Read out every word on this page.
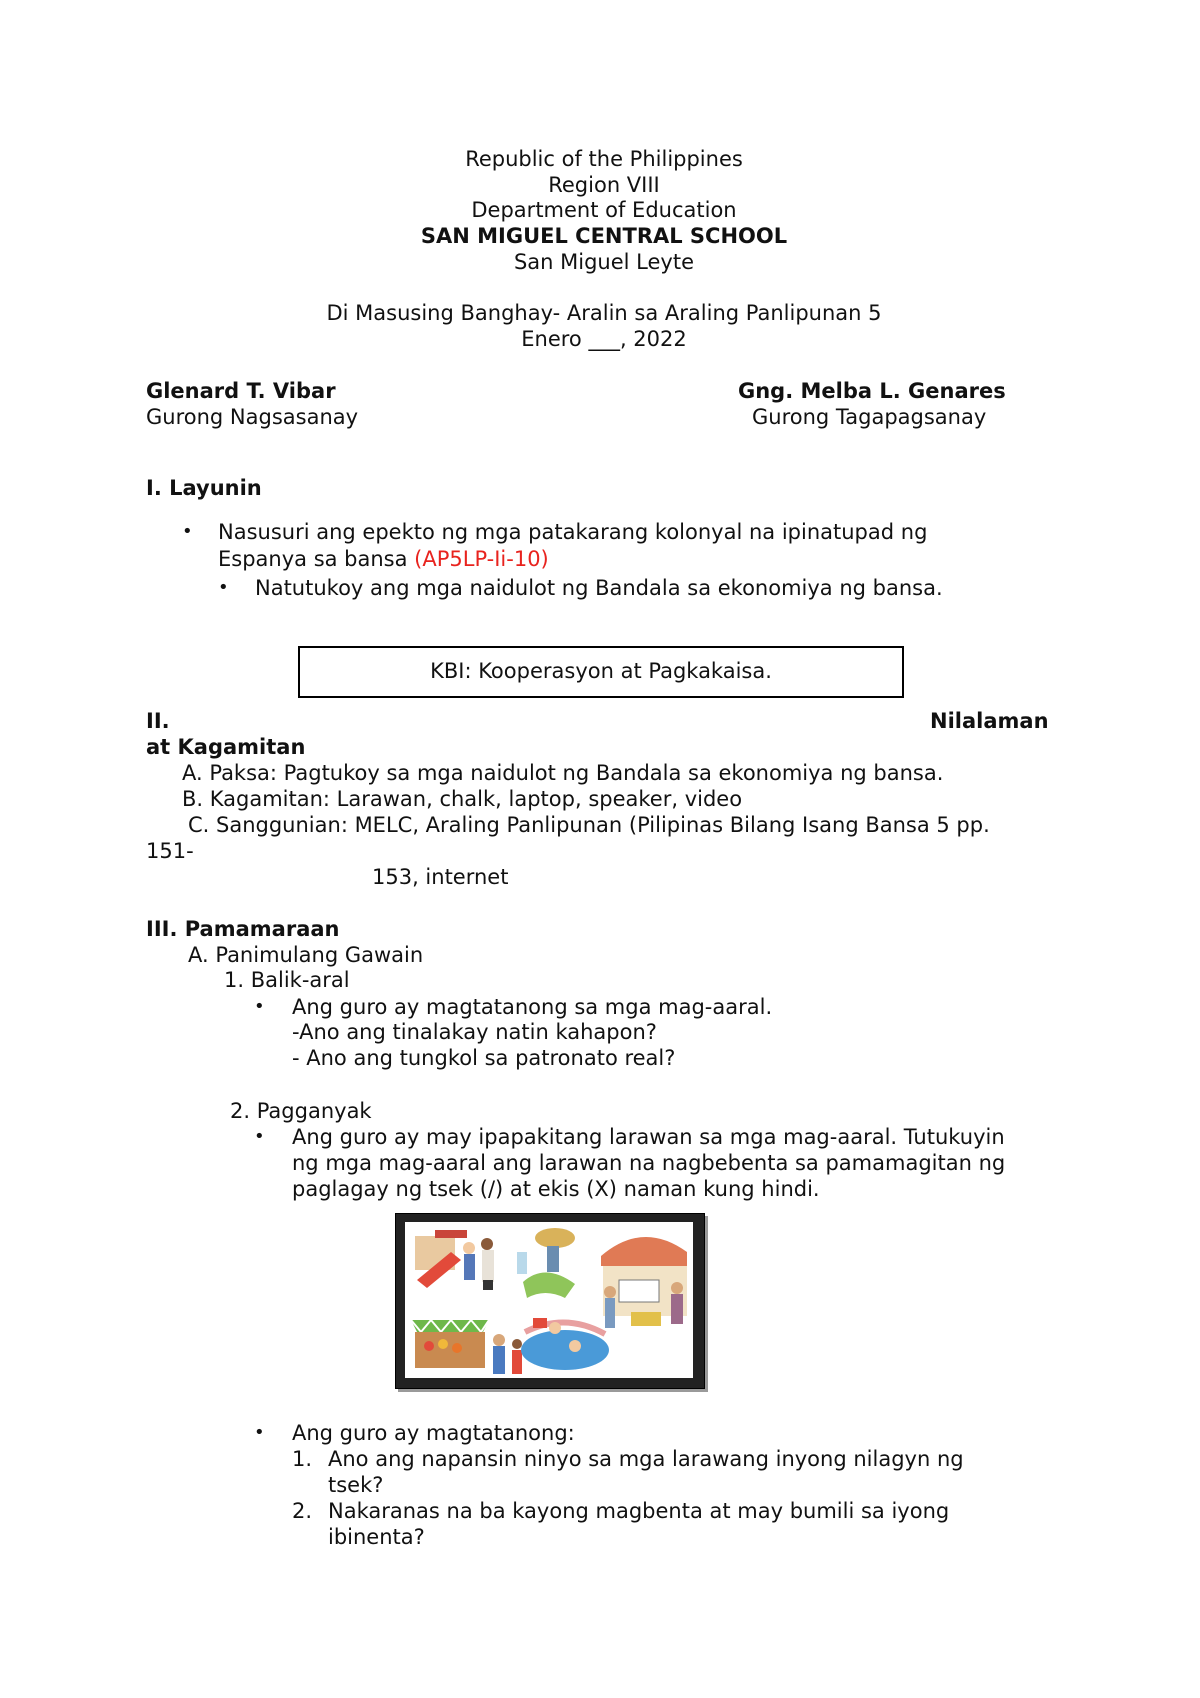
Republic of the Philippines
Region VIII
Department of Education
SAN MIGUEL CENTRAL SCHOOL
San Miguel Leyte
Di Masusing Banghay- Aralin sa Araling Panlipunan 5
Enero ___, 2022
Glenard T. Vibar
Gurong Nagsasanay
Gng. Melba L. Genares
Gurong Tagapagsanay
I. Layunin
• Nasusuri ang epekto ng mga patakarang kolonyal na ipinatupad ng
Espanya sa bansa (AP5LP-Ii-10)
• Natutukoy ang mga naidulot ng Bandala sa ekonomiya ng bansa.
KBI: Kooperasyon at Pagkakaisa.
II.	Nilalaman
at Kagamitan
A. Paksa: Pagtukoy sa mga naidulot ng Bandala sa ekonomiya ng bansa.
B. Kagamitan: Larawan, chalk, laptop, speaker, video
C. Sanggunian: MELC, Araling Panlipunan (Pilipinas Bilang Isang Bansa 5 pp.
151-
153, internet
III. Pamamaraan
A. Panimulang Gawain
1. Balik-aral
• Ang guro ay magtatanong sa mga mag-aaral.
-Ano ang tinalakay natin kahapon?
- Ano ang tungkol sa patronato real?
2. Pagganyak
• Ang guro ay may ipapakitang larawan sa mga mag-aaral. Tutukuyin
ng mga mag-aaral ang larawan na nagbebenta sa pamamagitan ng
paglagay ng tsek (/) at ekis (X) naman kung hindi.
• Ang guro ay magtatanong:
1. Ano ang napansin ninyo sa mga larawang inyong nilagyn ng
tsek?
2. Nakaranas na ba kayong magbenta at may bumili sa iyong
ibinenta?
